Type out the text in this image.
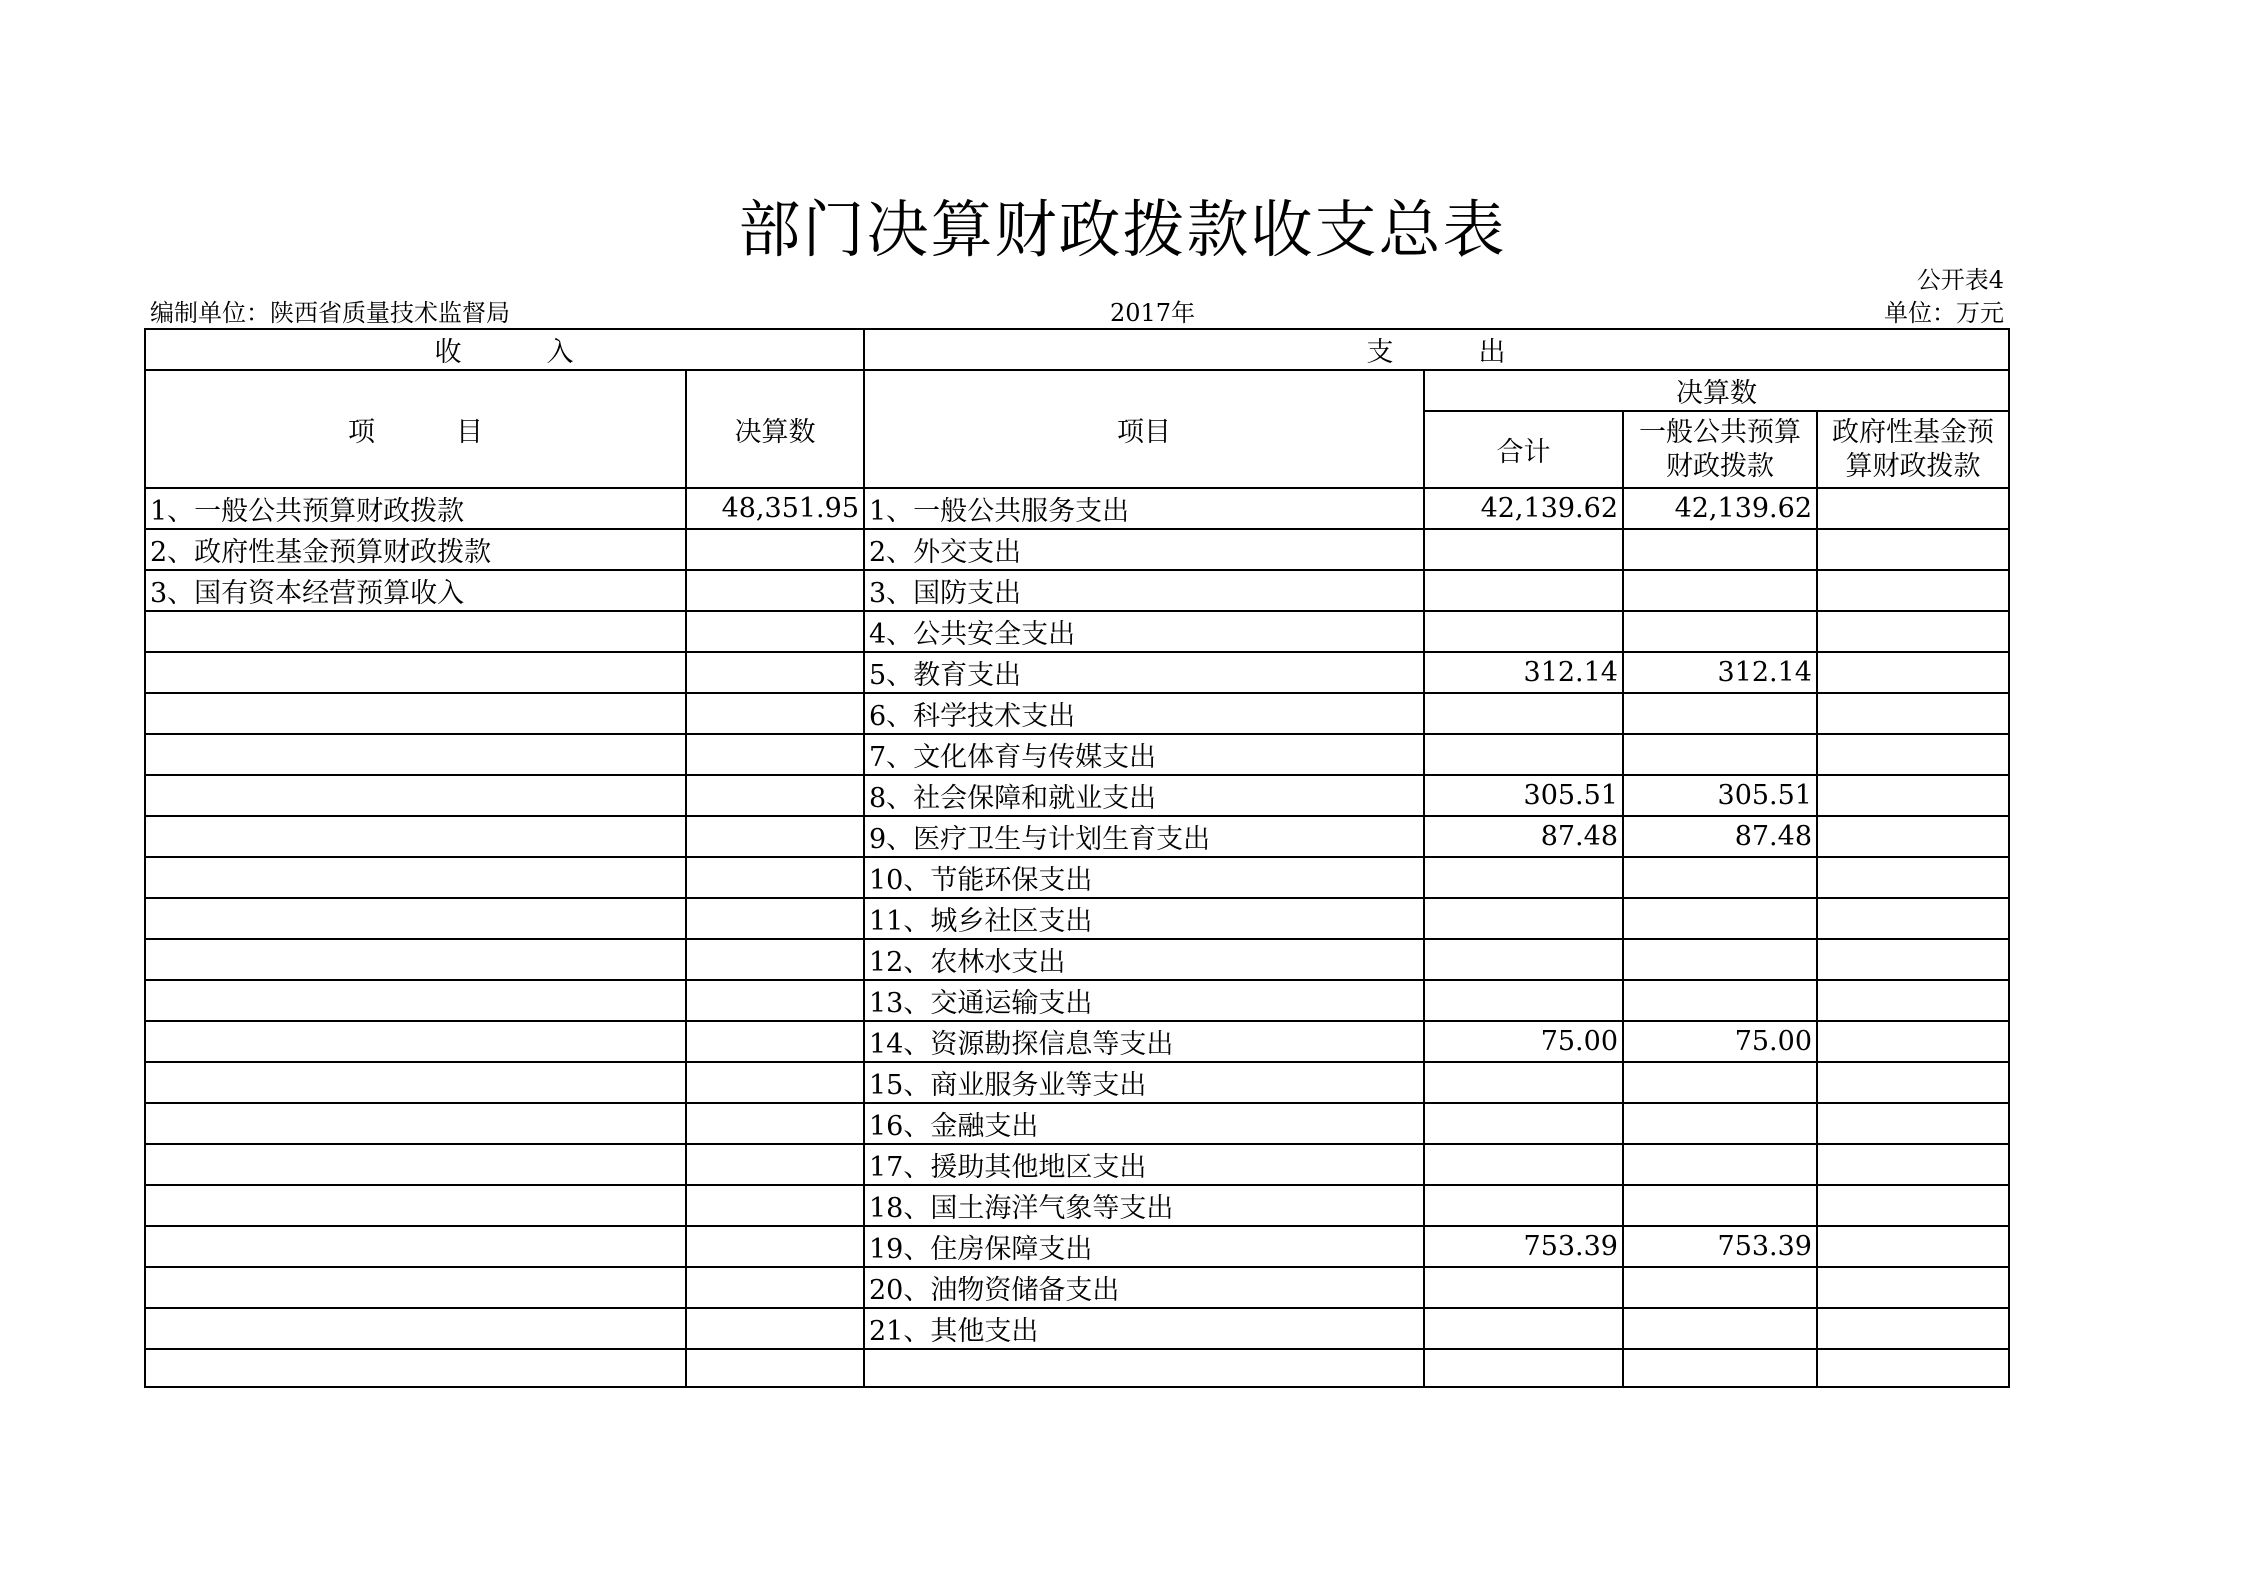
部门决算财政拨款收支总表
公开表4
编制单位：陕西省质量技术监督局	2017年	单位：万元
收　　　入		支　　　出			
项　　　目	决算数	项目	决算数		
			合计	一般公共预算财政拨款	政府性基金预算财政拨款
1、一般公共预算财政拨款	48,351.95	1、一般公共服务支出	42,139.62	42,139.62	
2、政府性基金预算财政拨款		2、外交支出			
3、国有资本经营预算收入		3、国防支出			
		4、公共安全支出			
		5、教育支出	312.14	312.14	
		6、科学技术支出			
		7、文化体育与传媒支出			
		8、社会保障和就业支出	305.51	305.51	
		9、医疗卫生与计划生育支出	87.48	87.48	
		10、节能环保支出			
		11、城乡社区支出			
		12、农林水支出			
		13、交通运输支出			
		14、资源勘探信息等支出	75.00	75.00	
		15、商业服务业等支出			
		16、金融支出			
		17、援助其他地区支出			
		18、国土海洋气象等支出			
		19、住房保障支出	753.39	753.39	
		20、油物资储备支出			
		21、其他支出			
